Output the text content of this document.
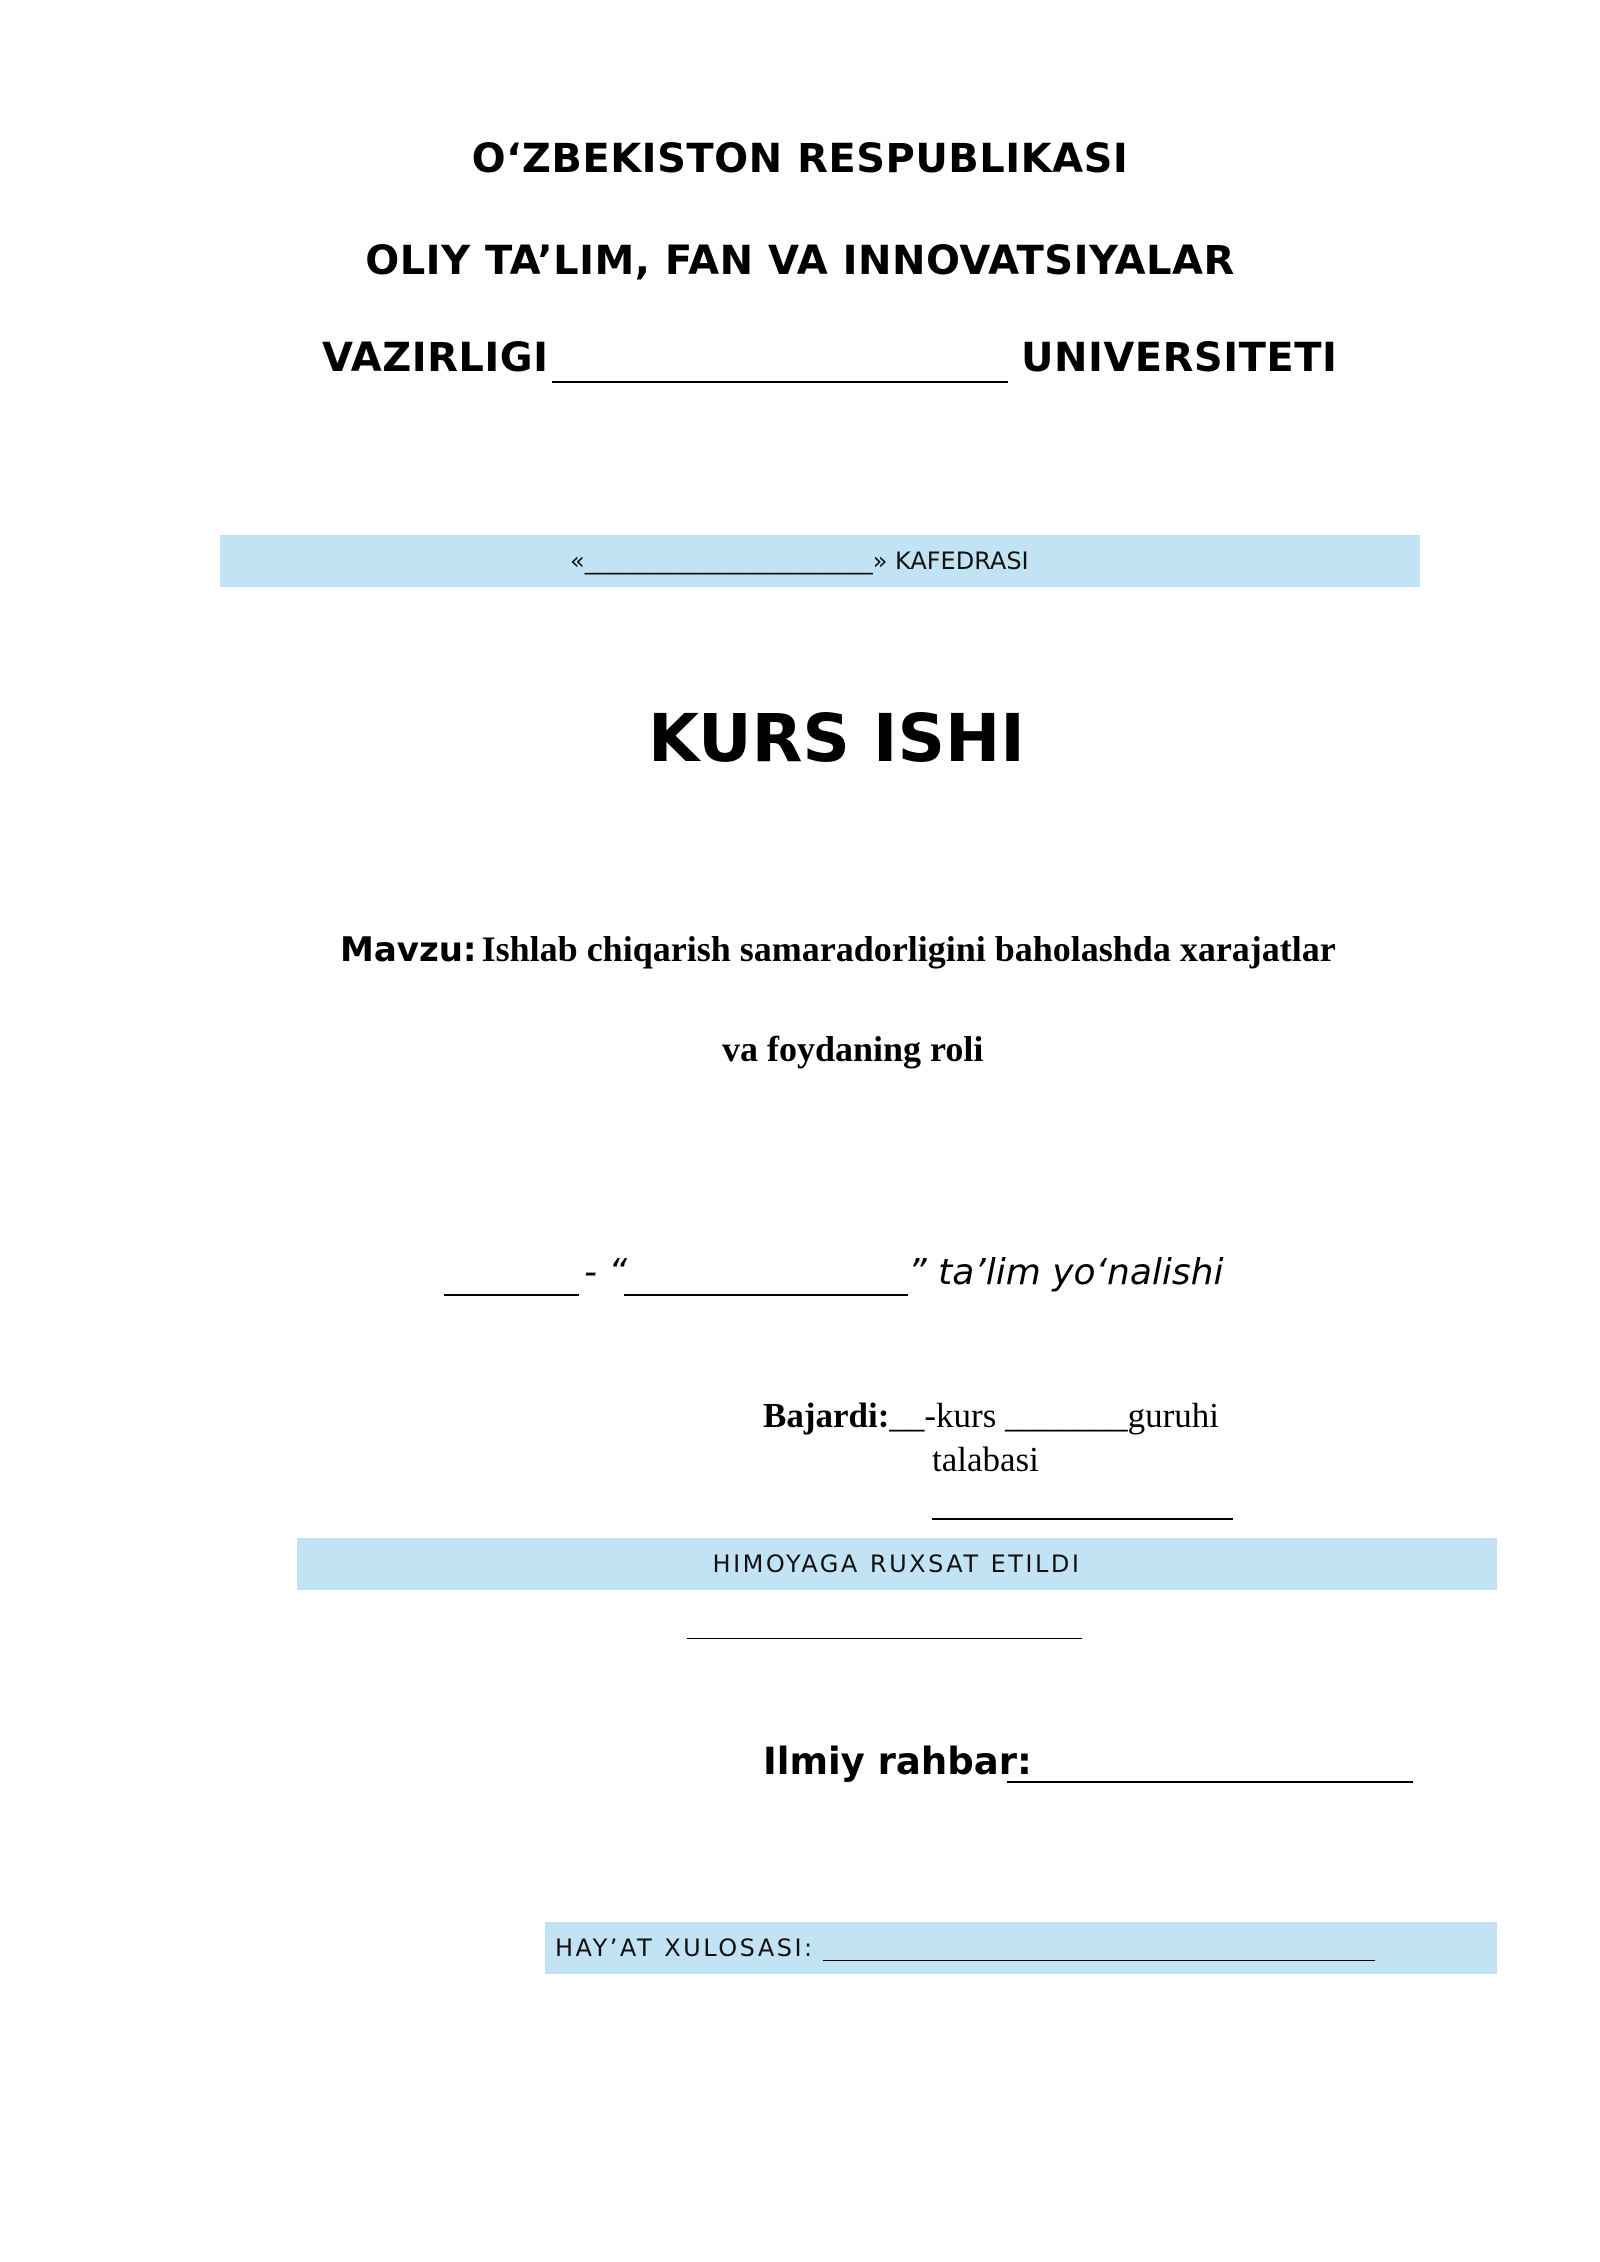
O‘ZBEKISTON RESPUBLIKASI
OLIY TA’LIM, FAN VA INNOVATSIYALAR
VAZIRLIGI	UNIVERSITETI
«________________________» KAFEDRASI
KURS ISHI
Mavzu: Ishlab chiqarish samaradorligini baholashda xarajatlar
va foydaning roli
- “	” ta’lim yo‘nalishi
Bajardi:__-kurs _______guruhi
talabasi
HIMOYAGA RUXSAT ETILDI
Ilmiy rahbar:
HAY’AT XULOSASI:
